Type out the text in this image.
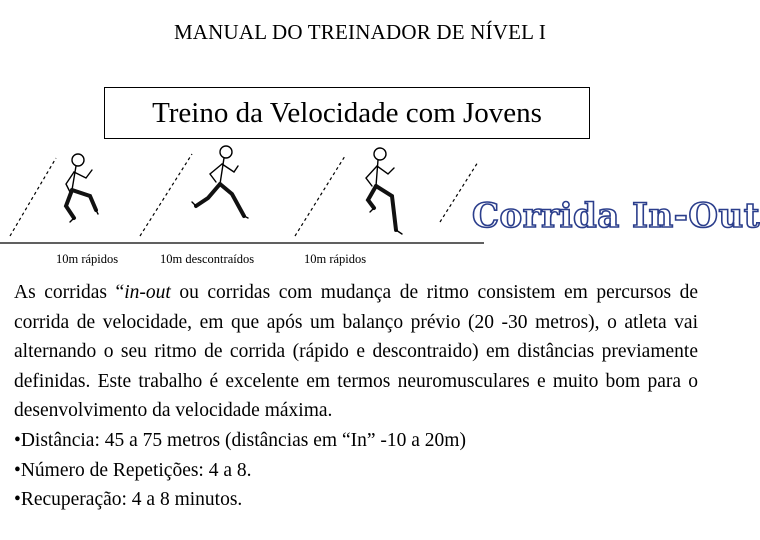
MANUAL DO TREINADOR DE NÍVEL I
Treino da Velocidade com Jovens
10m rápidos	10m descontraídos	10m rápidos
Corrida In-Out

As corridas “in-out ou corridas com mudança de ritmo consistem em percursos de corrida de velocidade, em que após um balanço prévio (20 -30 metros), o atleta vai alternando o seu ritmo de corrida (rápido e descontraido) em distâncias previamente definidas. Este trabalho é excelente em termos neuromusculares e muito bom para o desenvolvimento da velocidade máxima.

•Distância: 45 a 75 metros (distâncias em “In” -10 a 20m)

•Número de Repetições: 4 a 8.

•Recuperação: 4 a 8 minutos.
